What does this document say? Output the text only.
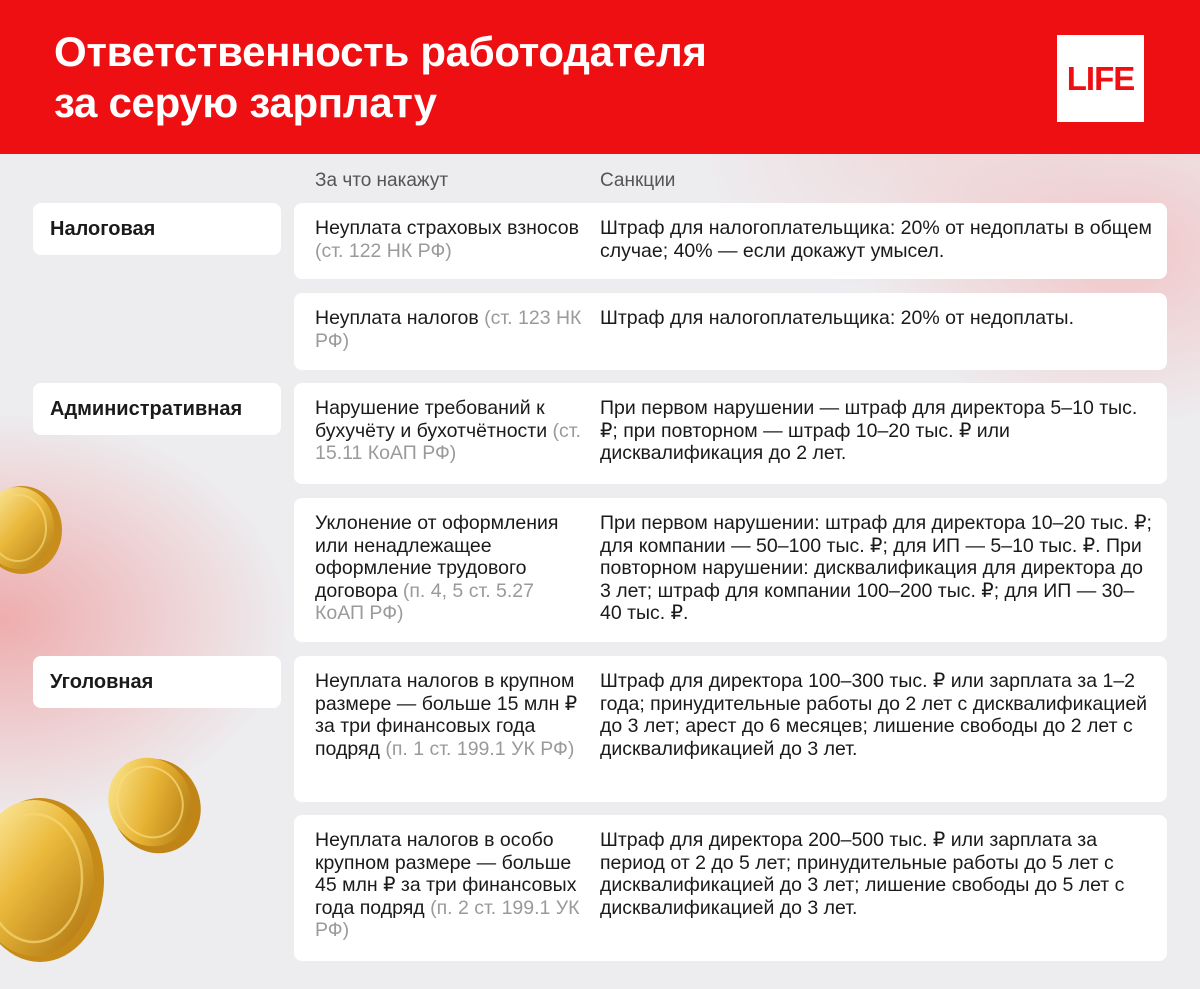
Ответственность работодателя
за серую зарплату
LIFE
За что накажут	Санкции
Налоговая
Административная
Уголовная
Неуплата страховых взносов (ст. 122 НК РФ)
Штраф для налогоплательщика: 20% от недоплаты в общем случае; 40% — если докажут умысел.
Неуплата налогов (ст. 123 НК РФ)
Штраф для налогоплательщика: 20% от недоплаты.
Нарушение требований к бухучёту и бухотчётности (ст. 15.11 КоАП РФ)
При первом нарушении — штраф для директора 5–10 тыс. ₽; при повторном — штраф 10–20 тыс. ₽ или дисквалификация до 2 лет.
Уклонение от оформления или ненадлежащее оформление трудового договора (п. 4, 5 ст. 5.27 КоАП РФ)
При первом нарушении: штраф для директора 10–20 тыс. ₽; для компании — 50–100 тыс. ₽; для ИП — 5–10 тыс. ₽. При повторном нарушении: дисквалификация для директора до 3 лет; штраф для компании 100–200 тыс. ₽; для ИП — 30–40 тыс. ₽.
Неуплата налогов в крупном размере — больше 15 млн ₽ за три финансовых года подряд (п. 1 ст. 199.1 УК РФ)
Штраф для директора 100–300 тыс. ₽ или зарплата за 1–2 года; принудительные работы до 2 лет с дисквалификацией до 3 лет; арест до 6 месяцев; лишение свободы до 2 лет с дисквалификацией до 3 лет.
Неуплата налогов в особо крупном размере — больше 45 млн ₽ за три финансовых года подряд (п. 2 ст. 199.1 УК РФ)
Штраф для директора 200–500 тыс. ₽ или зарплата за период от 2 до 5 лет; принудительные работы до 5 лет с дисквалификацией до 3 лет; лишение свободы до 5 лет с дисквалификацией до 3 лет.
